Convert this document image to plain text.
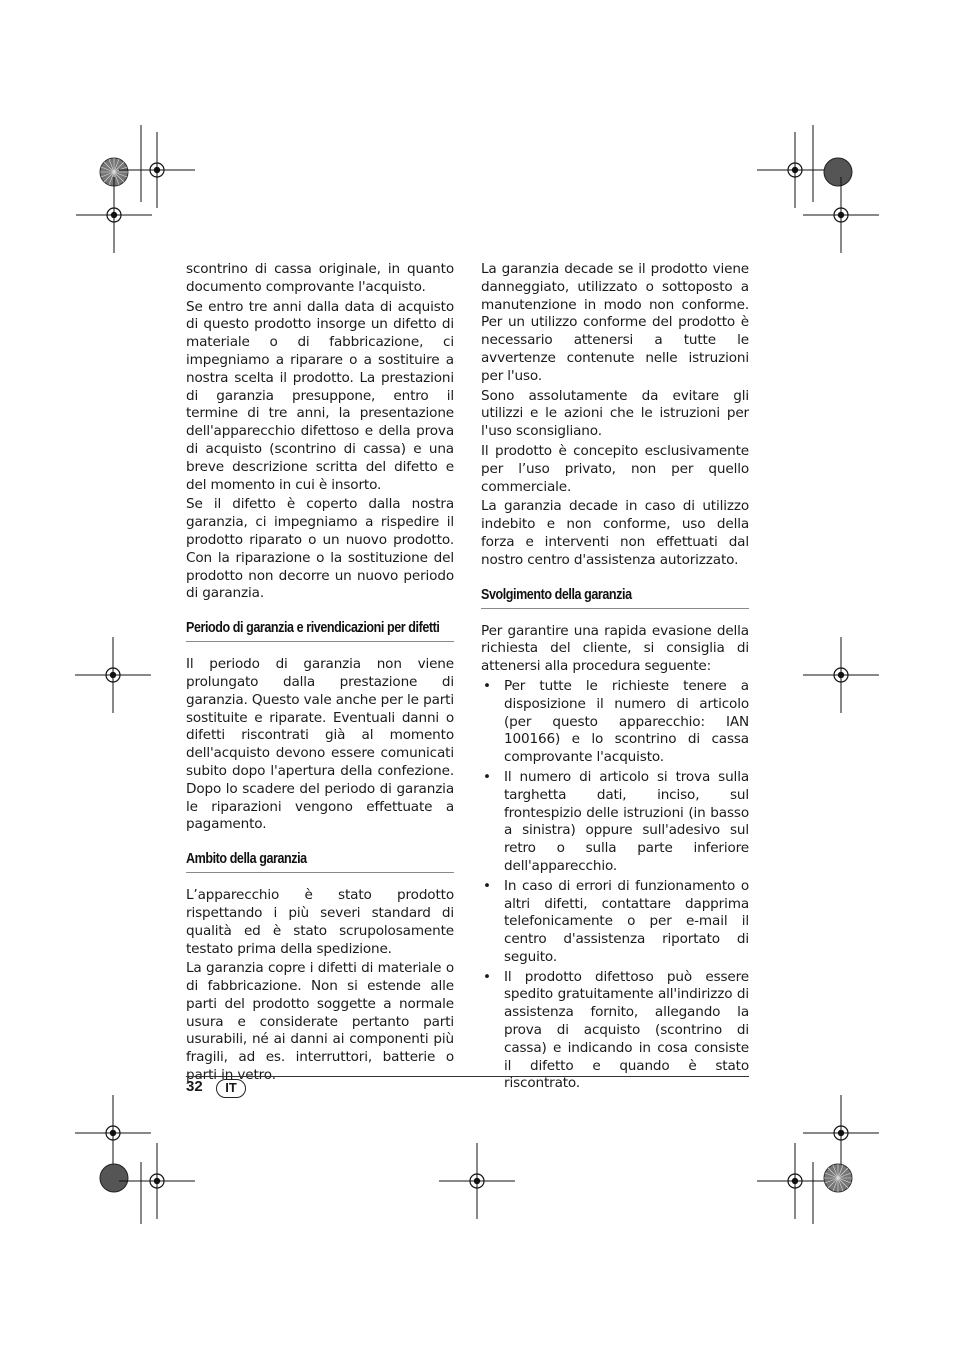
scontrino di cassa originale, in quanto documento comprovante l'acquisto.

Se entro tre anni dalla data di acquisto di questo prodotto insorge un difetto di materiale o di fabbricazione, ci impegniamo a riparare o a sostituire a nostra scelta il prodotto. La prestazioni di garanzia presuppone, entro il termine di tre anni, la presentazione dell'apparecchio difettoso e della prova di acquisto (scontrino di cassa) e una breve descrizione scritta del difetto e del momento in cui è insorto.

Se il difetto è coperto dalla nostra garanzia, ci impegniamo a rispedire il prodotto riparato o un nuovo prodotto. Con la riparazione o la sostituzione del prodotto non decorre un nuovo periodo di garanzia.

Periodo di garanzia e rivendicazioni per difetti

Il periodo di garanzia non viene prolungato dalla prestazione di garanzia. Questo vale anche per le parti sostituite e riparate. Eventuali danni o difetti riscontrati già al momento dell'acquisto devono essere comunicati subito dopo l'apertura della confezione. Dopo lo scadere del periodo di garanzia le riparazioni vengono effettuate a pagamento.

Ambito della garanzia

L’apparecchio è stato prodotto rispettando i più severi standard di qualità ed è stato scrupolosamente testato prima della spedizione.

La garanzia copre i difetti di materiale o di fabbricazione. Non si estende alle parti del prodotto soggette a normale usura e considerate pertanto parti usurabili, né ai danni ai componenti più fragili, ad es. interruttori, batterie o parti in vetro.

La garanzia decade se il prodotto viene danneggiato, utilizzato o sottoposto a manutenzione in modo non conforme. Per un utilizzo conforme del prodotto è necessario attenersi a tutte le avvertenze contenute nelle istruzioni per l'uso.

Sono assolutamente da evitare gli utilizzi e le azioni che le istruzioni per l'uso sconsigliano.

Il prodotto è concepito esclusivamente per l’uso privato, non per quello commerciale.

La garanzia decade in caso di utilizzo indebito e non conforme, uso della forza e interventi non effettuati dal nostro centro d'assistenza autorizzato.

Svolgimento della garanzia

Per garantire una rapida evasione della richiesta del cliente, si consiglia di attenersi alla procedura seguente:

• Per tutte le richieste tenere a disposizione il numero di articolo (per questo apparecchio: IAN 100166) e lo scontrino di cassa comprovante l'acquisto.
• Il numero di articolo si trova sulla targhetta dati, inciso, sul frontespizio delle istruzioni (in basso a sinistra) oppure sull'adesivo sul retro o sulla parte inferiore dell'apparecchio.
• In caso di errori di funzionamento o altri difetti, contattare dapprima telefonicamente o per e-mail il centro d'assistenza riportato di seguito.
• Il prodotto difettoso può essere spedito gratuitamente all'indirizzo di assistenza fornito, allegando la prova di acquisto (scontrino di cassa) e indicando in cosa consiste il difetto e quando è stato riscontrato.
32	IT
